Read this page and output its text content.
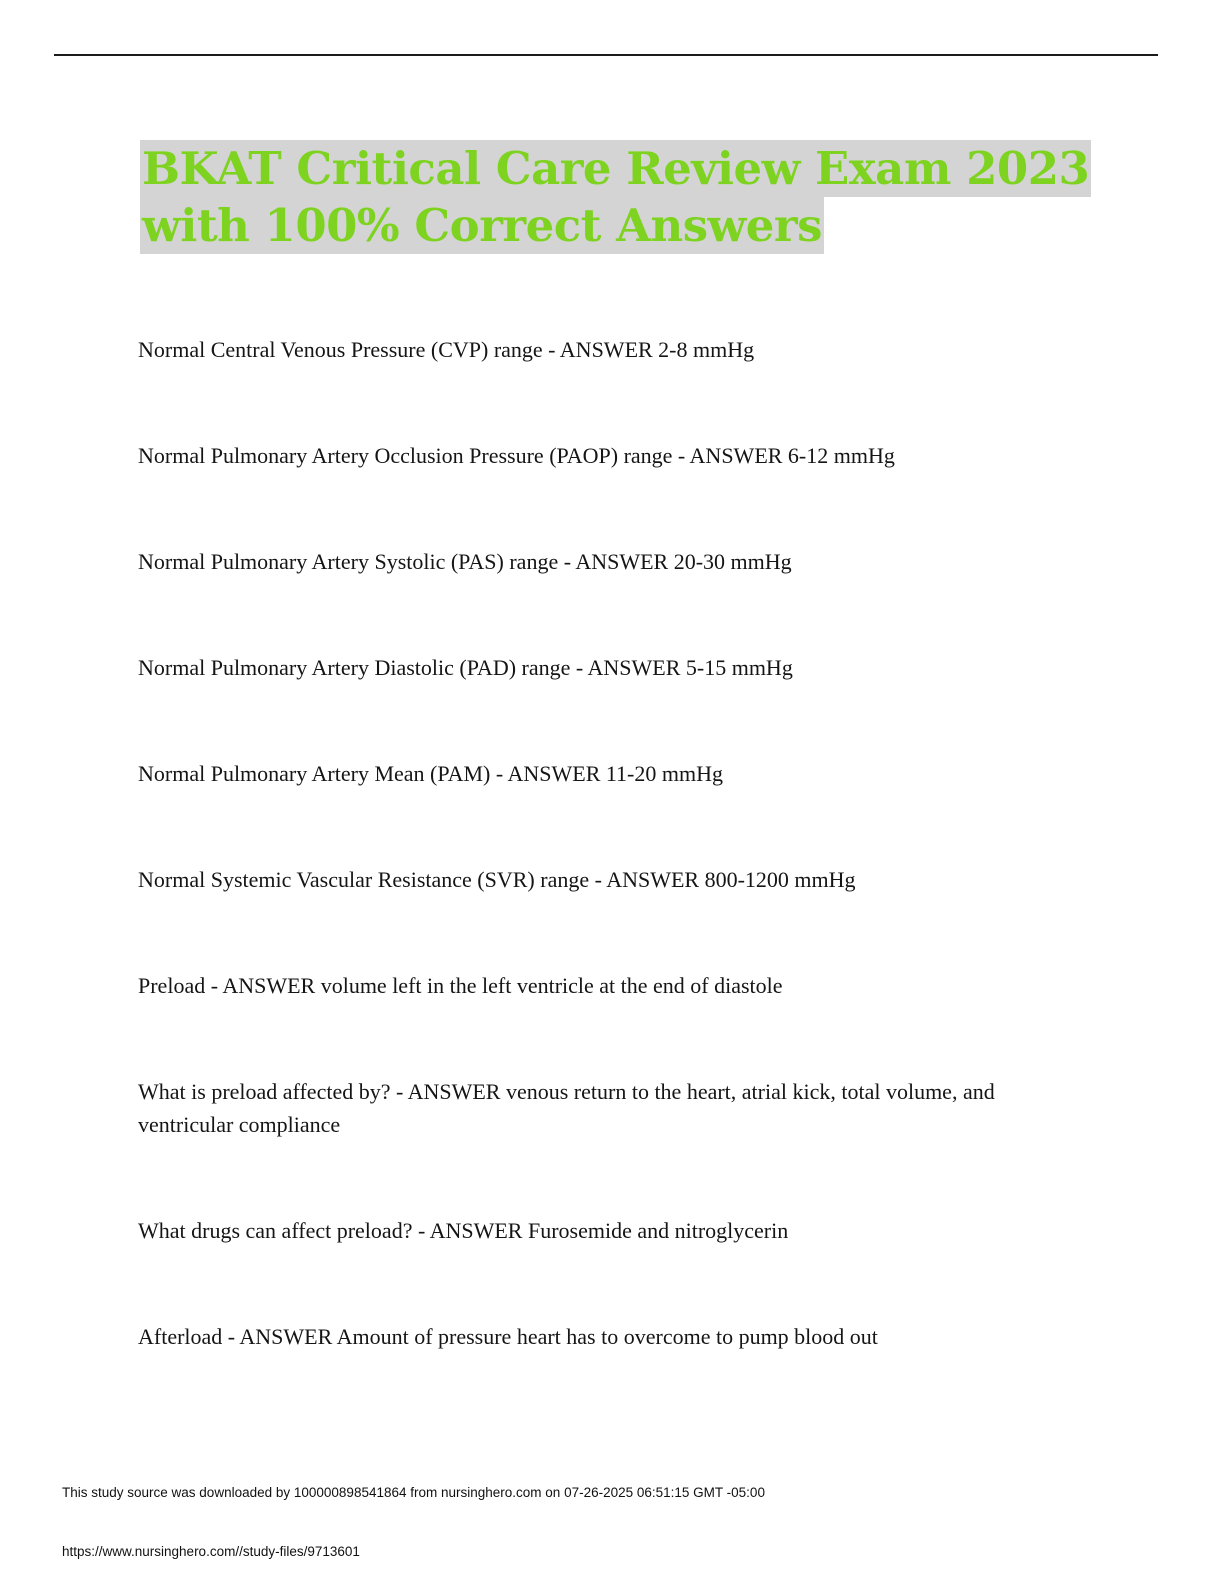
BKAT Critical Care Review Exam 2023
with 100% Correct Answers
Normal Central Venous Pressure (CVP) range - ANSWER 2-8 mmHg
Normal Pulmonary Artery Occlusion Pressure (PAOP) range - ANSWER 6-12 mmHg
Normal Pulmonary Artery Systolic (PAS) range - ANSWER 20-30 mmHg
Normal Pulmonary Artery Diastolic (PAD) range - ANSWER 5-15 mmHg
Normal Pulmonary Artery Mean (PAM) - ANSWER 11-20 mmHg
Normal Systemic Vascular Resistance (SVR) range - ANSWER 800-1200 mmHg
Preload - ANSWER volume left in the left ventricle at the end of diastole
What is preload affected by? - ANSWER venous return to the heart, atrial kick, total volume, and ventricular compliance
What drugs can affect preload? - ANSWER Furosemide and nitroglycerin
Afterload - ANSWER Amount of pressure heart has to overcome to pump blood out
This study source was downloaded by 100000898541864 from nursinghero.com on 07-26-2025 06:51:15 GMT -05:00
https://www.nursinghero.com//study-files/9713601
